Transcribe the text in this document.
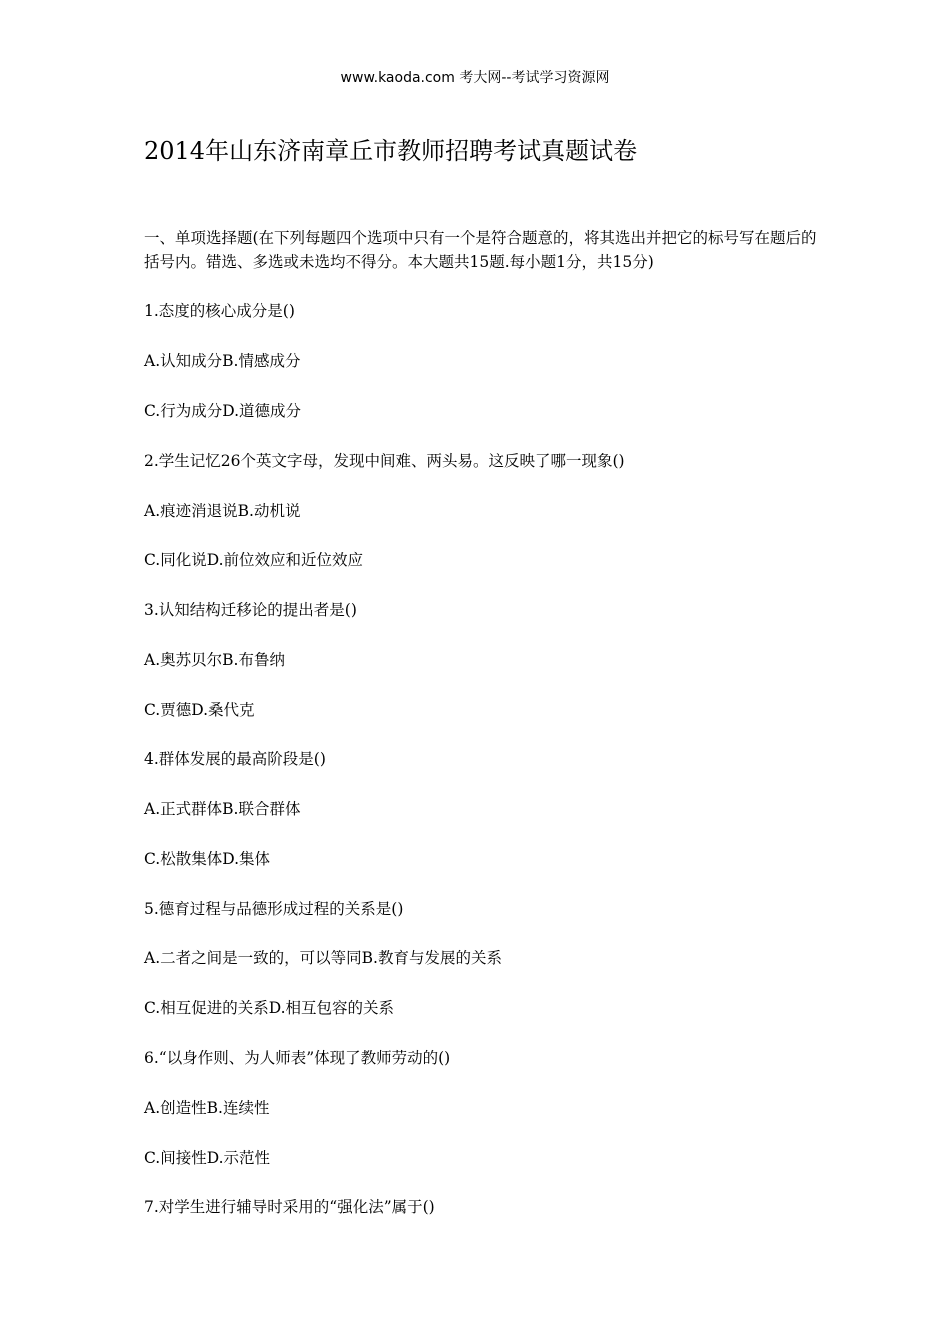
www.kaoda.com 考大网--考试学习资源网
2014年山东济南章丘市教师招聘考试真题试卷

一、单项选择题(在下列每题四个选项中只有一个是符合题意的，将其选出并把它的标号写在题后的括号内。错选、多选或未选均不得分。本大题共15题.每小题1分，共15分)

1.态度的核心成分是()

A.认知成分B.情感成分

C.行为成分D.道德成分

2.学生记忆26个英文字母，发现中间难、两头易。这反映了哪一现象()

A.痕迹消退说B.动机说

C.同化说D.前位效应和近位效应

3.认知结构迁移论的提出者是()

A.奥苏贝尔B.布鲁纳

C.贾德D.桑代克

4.群体发展的最高阶段是()

A.正式群体B.联合群体

C.松散集体D.集体

5.德育过程与品德形成过程的关系是()

A.二者之间是一致的，可以等同B.教育与发展的关系

C.相互促进的关系D.相互包容的关系

6.“以身作则、为人师表”体现了教师劳动的()

A.创造性B.连续性

C.间接性D.示范性

7.对学生进行辅导时采用的“强化法”属于()
